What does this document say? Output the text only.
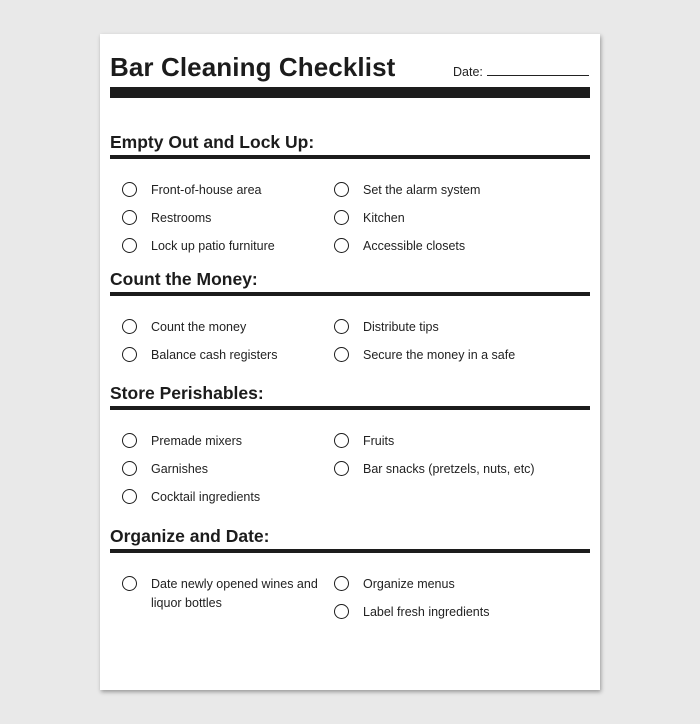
Bar Cleaning Checklist	Date:
Empty Out and Lock Up:
Front-of-house area	Set the alarm system
Restrooms	Kitchen
Lock up patio furniture	Accessible closets
Count the Money:
Count the money	Distribute tips
Balance cash registers	Secure the money in a safe
Store Perishables:
Premade mixers	Fruits
Garnishes	Bar snacks (pretzels, nuts, etc)
Cocktail ingredients
Organize and Date:
Date newly opened wines and liquor bottles
Organize menus
Label fresh ingredients
